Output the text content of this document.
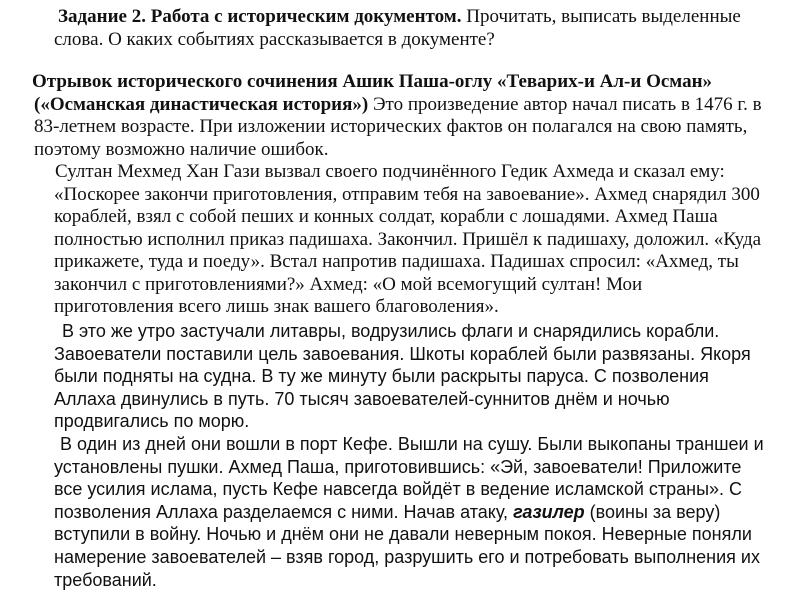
Задание 2. Работа с историческим документом. Прочитать, выписать выделенные слова. О каких событиях рассказывается в документе?

Отрывок исторического сочинения Ашик Паша-оглу «Теварих-и Ал-и Осман» («Османская династическая история») Это произведение автор начал писать в 1476 г. в 83-летнем возрасте. При изложении исторических фактов он полагался на свою память, поэтому возможно наличие ошибок.

Султан Мехмед Хан Гази вызвал своего подчинённого Гедик Ахмеда и сказал ему: «Поскорее закончи приготовления, отправим тебя на завоевание». Ахмед снарядил 300 кораблей, взял с собой пеших и конных солдат, корабли с лошадями. Ахмед Паша полностью исполнил приказ падишаха. Закончил. Пришёл к падишаху, доложил. «Куда прикажете, туда и поеду». Встал напротив падишаха. Падишах спросил: «Ахмед, ты закончил с приготовлениями?» Ахмед: «О мой всемогущий султан! Мои приготовления всего лишь знак вашего благоволения».

В это же утро застучали литавры, водрузились флаги и снарядились корабли. Завоеватели поставили цель завоевания. Шкоты кораблей были развязаны. Якоря были подняты на судна. В ту же минуту были раскрыты паруса. С позволения Аллаха двинулись в путь. 70 тысяч завоевателей-суннитов днём и ночью продвигались по морю.

В один из дней они вошли в порт Кефе. Вышли на сушу. Были выкопаны траншеи и установлены пушки. Ахмед Паша, приготовившись: «Эй, завоеватели! Приложите все усилия ислама, пусть Кефе навсегда войдёт в ведение исламской страны». С позволения Аллаха разделаемся с ними. Начав атаку, газилер (воины за веру) вступили в войну. Ночью и днём они не давали неверным покоя. Неверные поняли намерение завоевателей – взяв город, разрушить его и потребовать выполнения их требований.
